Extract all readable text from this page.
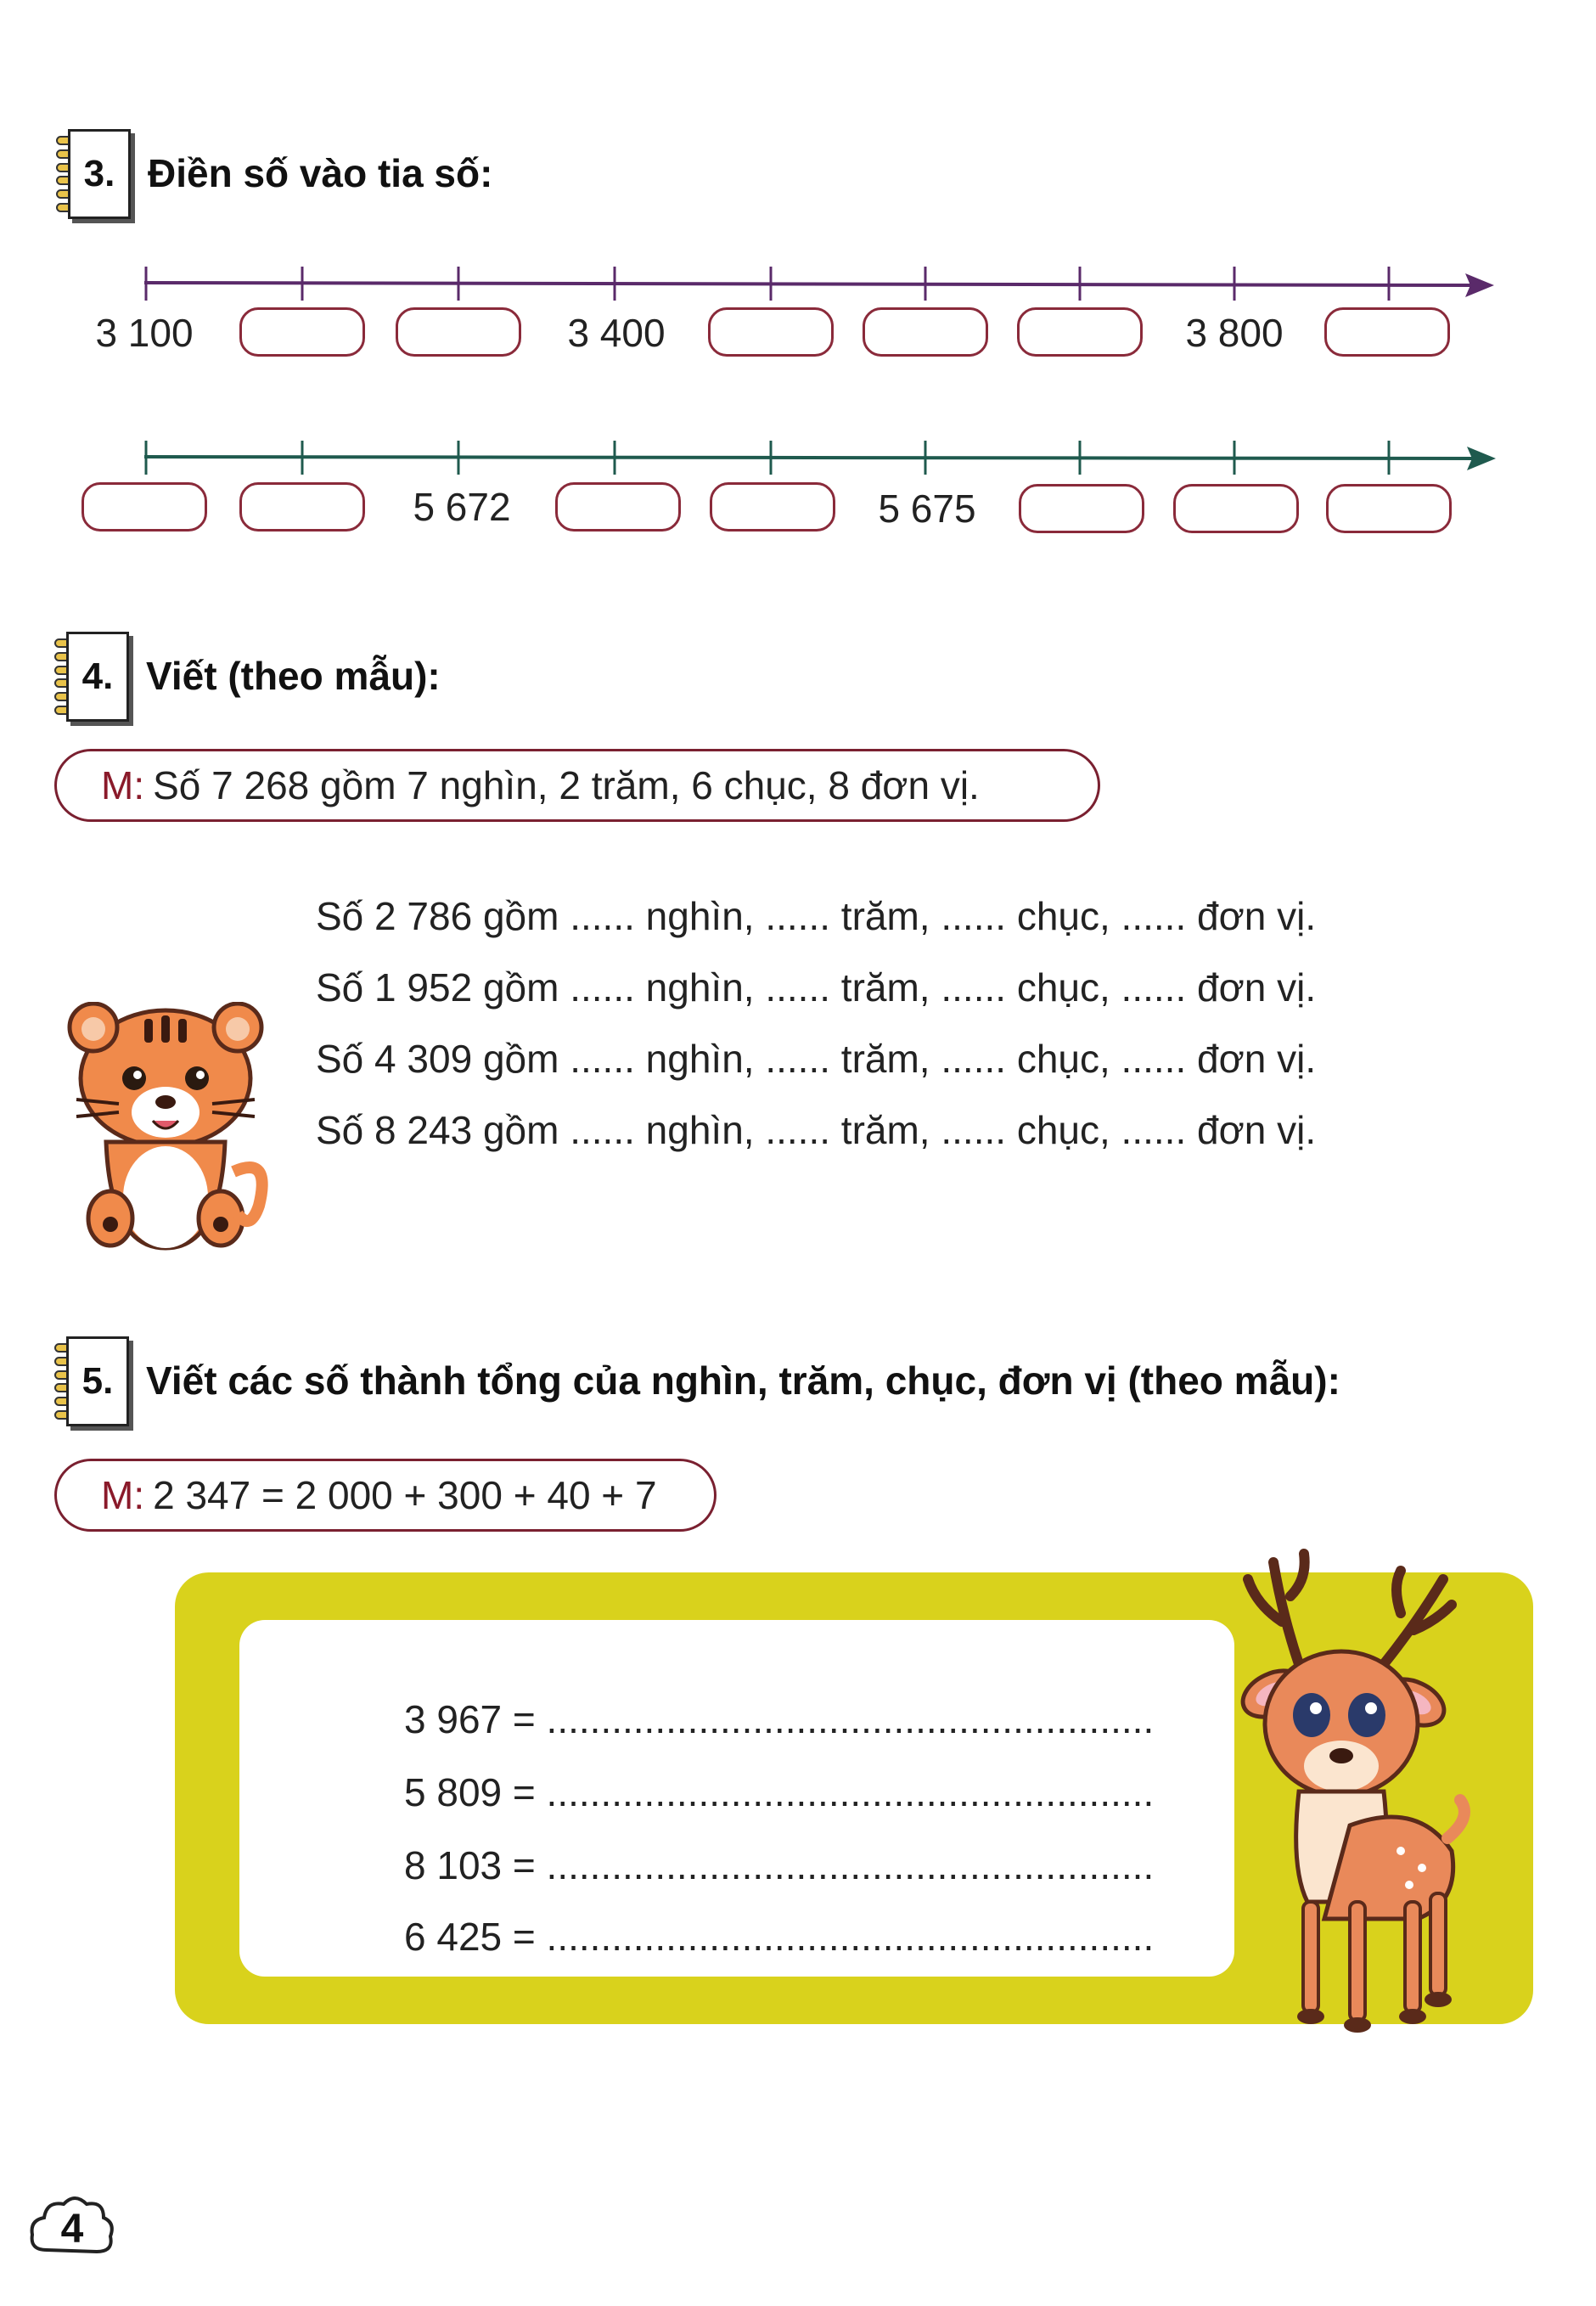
3. Điền số vào tia số:
3 100	3 400	3 800
5 672	5 675
4. Viết (theo mẫu):
M: Số 7 268 gồm 7 nghìn, 2 trăm, 6 chục, 8 đơn vị.
Số 2 786 gồm ...... nghìn, ...... trăm, ...... chục, ...... đơn vị.
Số 1 952 gồm ...... nghìn, ...... trăm, ...... chục, ...... đơn vị.
Số 4 309 gồm ...... nghìn, ...... trăm, ...... chục, ...... đơn vị.
Số 8 243 gồm ...... nghìn, ...... trăm, ...... chục, ...... đơn vị.
5. Viết các số thành tổng của nghìn, trăm, chục, đơn vị (theo mẫu):
M: 2 347 = 2 000 + 300 + 40 + 7
3 967 = ........................................................
5 809 = ........................................................
8 103 = ........................................................
6 425 = ........................................................
4
